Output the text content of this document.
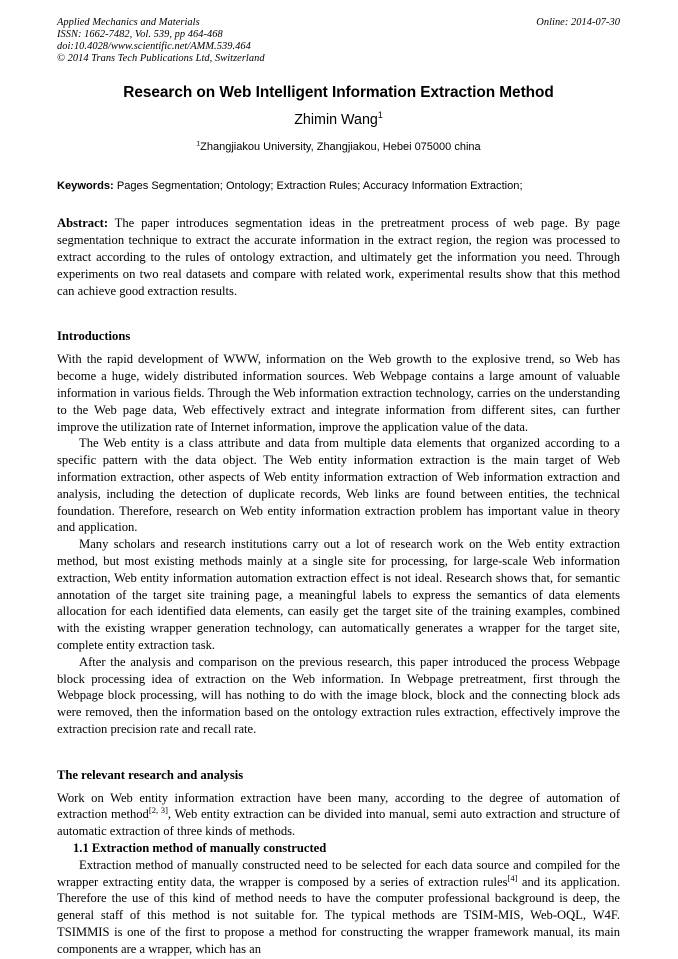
Online: 2014-07-30
Applied Mechanics and Materials
ISSN: 1662-7482, Vol. 539, pp 464-468
doi:10.4028/www.scientific.net/AMM.539.464
© 2014 Trans Tech Publications Ltd, Switzerland
Research on Web Intelligent Information Extraction Method
Zhimin Wang$^1$
$^1$Zhangjiakou University, Zhangjiakou, Hebei 075000 china
Keywords: Pages Segmentation; Ontology; Extraction Rules; Accuracy Information Extraction;
Abstract: The paper introduces segmentation ideas in the pretreatment process of web page. By page segmentation technique to extract the accurate information in the extract region, the region was processed to extract according to the rules of ontology extraction, and ultimately get the information you need. Through experiments on two real datasets and compare with related work, experimental results show that this method can achieve good extraction results.
Introductions

With the rapid development of WWW, information on the Web growth to the explosive trend, so Web has become a huge, widely distributed information sources. Web Webpage contains a large amount of valuable information in various fields. Through the Web information extraction technology, carries on the understanding to the Web page data, Web effectively extract and integrate information from different sites, can further improve the utilization rate of Internet information, improve the application value of the data.

The Web entity is a class attribute and data from multiple data elements that organized according to a specific pattern with the data object. The Web entity information extraction is the main target of Web information extraction, other aspects of Web entity information extraction of Web information extraction and analysis, including the detection of duplicate records, Web links are found between entities, the technical foundation. Therefore, research on Web entity information extraction problem has important value in theory and application.

Many scholars and research institutions carry out a lot of research work on the Web entity extraction method, but most existing methods mainly at a single site for processing, for large-scale Web information extraction, Web entity information automation extraction effect is not ideal. Research shows that, for semantic annotation of the target site training page, a meaningful labels to express the semantics of data elements allocation for each identified data elements, can easily get the target site of the training examples, combined with the existing wrapper generation technology, can automatically generates a wrapper for the target site, complete entity extraction task.

After the analysis and comparison on the previous research, this paper introduced the process Webpage block processing idea of extraction on the Web information. In Webpage pretreatment, first through the Webpage block processing, will has nothing to do with the image block, block and the connecting block ads were removed, then the information based on the ontology extraction rules extraction, effectively improve the extraction precision rate and recall rate.

The relevant research and analysis

Work on Web entity information extraction have been many, according to the degree of automation of extraction method[2, 3], Web entity extraction can be divided into manual, semi auto extraction and structure of automatic extraction of three kinds of methods.

1.1 Extraction method of manually constructed

Extraction method of manually constructed need to be selected for each data source and compiled for the wrapper extracting entity data, the wrapper is composed by a series of extraction rules[4] and its application. Therefore the use of this kind of method needs to have the computer professional background is deep, the general staff of this method is not suitable for. The typical methods are TSIM-MIS, Web-OQL, W4F. TSIMMIS is one of the first to propose a method for constructing the wrapper framework manual, its main components are a wrapper, which has an
